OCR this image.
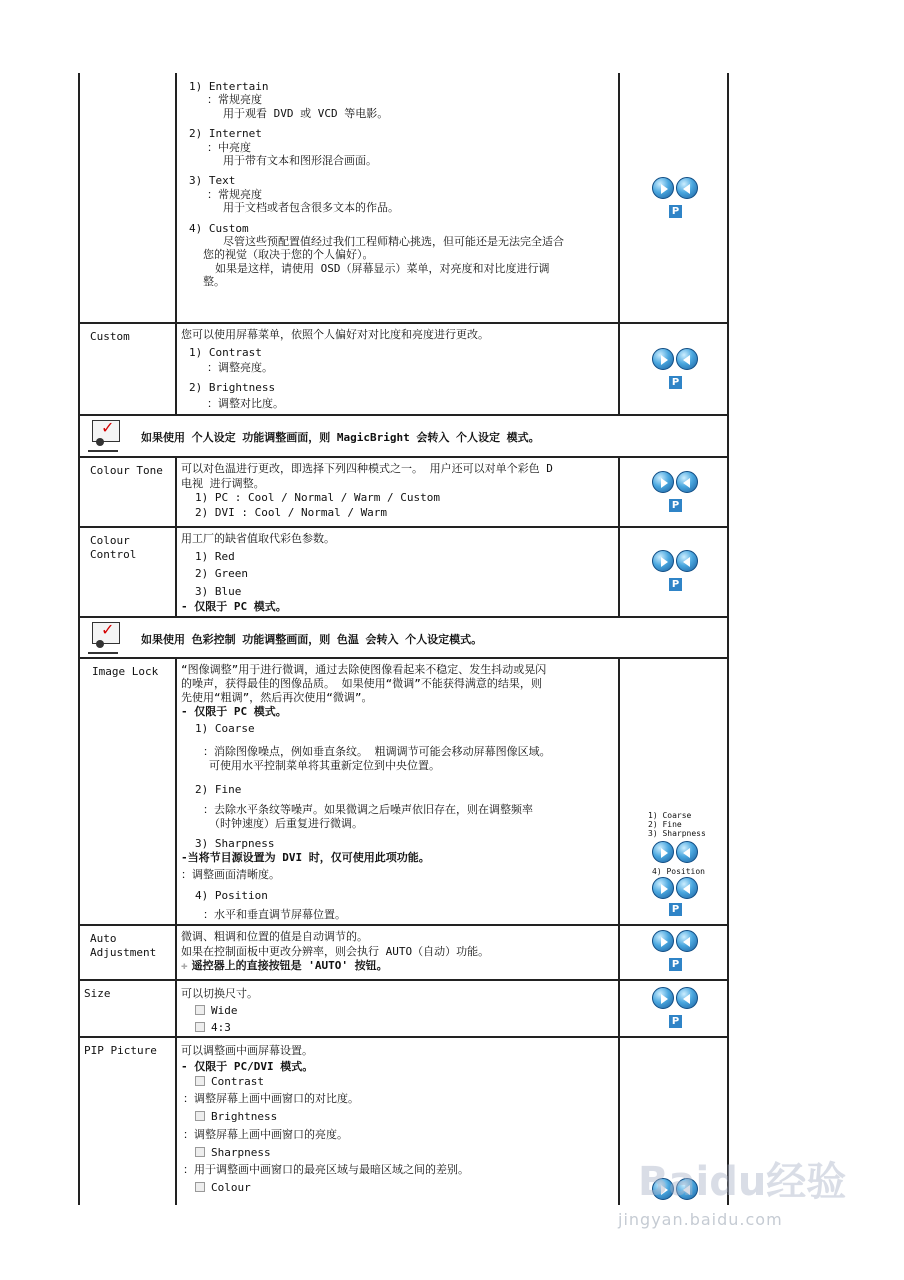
1) Entertain
：常规亮度
用于观看 DVD 或 VCD 等电影。
2) Internet
：中亮度
用于带有文本和图形混合画面。
3) Text
：常规亮度
用于文档或者包含很多文本的作品。
4) Custom
尽管这些预配置值经过我们工程师精心挑选，但可能还是无法完全适合
您的视觉（取决于您的个人偏好）。
如果是这样，请使用 OSD（屏幕显示）菜单，对亮度和对比度进行调
整。
P
Custom	您可以使用屏幕菜单，依照个人偏好对对比度和亮度进行更改。
1) Contrast
：调整亮度。
2) Brightness
：调整对比度。
P
✓
如果使用 个人设定 功能调整画面，则 MagicBright 会转入 个人设定 模式。
Colour Tone 可以对色温进行更改，即选择下列四种模式之一。 用户还可以对单个彩色 D
电视 进行调整。
1) PC : Cool / Normal / Warm / Custom
2) DVI : Cool / Normal / Warm	P
Colour
Control
用工厂的缺省值取代彩色参数。
1) Red
2) Green
3) Blue
- 仅限于 PC 模式。
P
✓
如果使用 色彩控制 功能调整画面，则 色温 会转入 个人设定模式。
Image Lock “图像调整”用于进行微调，通过去除使图像看起来不稳定、发生抖动或晃闪
的噪声，获得最佳的图像品质。 如果使用“微调”不能获得满意的结果，则
先使用“粗调”，然后再次使用“微调”。
- 仅限于 PC 模式。
1) Coarse
：消除图像噪点，例如垂直条纹。 粗调调节可能会移动屏幕图像区域。
可使用水平控制菜单将其重新定位到中央位置。
2) Fine
：去除水平条纹等噪声。如果微调之后噪声依旧存在，则在调整频率
（时钟速度）后重复进行微调。
3) Sharpness
-当将节目源设置为 DVI 时，仅可使用此项功能。
：调整画面清晰度。
4) Position
：水平和垂直调节屏幕位置。
1) Coarse
2) Fine
3) Sharpness
4) Position
P
Auto
Adjustment
微调、粗调和位置的值是自动调节的。
如果在控制面板中更改分辨率，则会执行 AUTO（自动）功能。
✚ 遥控器上的直接按钮是 'AUTO' 按钮。	P
Size	可以切换尺寸。
Wide
4:3	P
PIP Picture 可以调整画中画屏幕设置。
- 仅限于 PC/DVI 模式。
Contrast
：调整屏幕上画中画窗口的对比度。
Brightness
：调整屏幕上画中画窗口的亮度。
Sharpness
：用于调整画中画窗口的最亮区域与最暗区域之间的差别。
Colour	Baidu经验
jingyan.baidu.com
